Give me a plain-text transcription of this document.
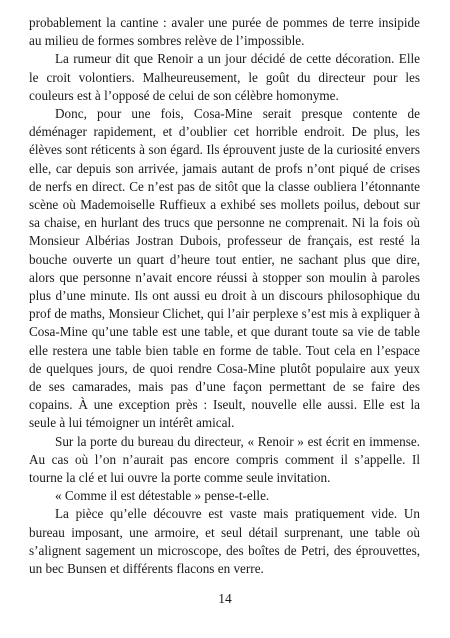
probablement la cantine : avaler une purée de pommes de terre insipide au milieu de formes sombres relève de l’impossible.

La rumeur dit que Renoir a un jour décidé de cette décoration. Elle le croit volontiers. Malheureusement, le goût du directeur pour les couleurs est à l’opposé de celui de son célèbre homonyme.

Donc, pour une fois, Cosa-Mine serait presque contente de déménager rapidement, et d’oublier cet horrible endroit. De plus, les élèves sont réticents à son égard. Ils éprouvent juste de la curiosité envers elle, car depuis son arrivée, jamais autant de profs n’ont piqué de crises de nerfs en direct. Ce n’est pas de sitôt que la classe oubliera l’étonnante scène où Mademoiselle Ruffieux a exhibé ses mollets poilus, debout sur sa chaise, en hurlant des trucs que personne ne comprenait. Ni la fois où Monsieur Albérias Jostran Dubois, professeur de français, est resté la bouche ouverte un quart d’heure tout entier, ne sachant plus que dire, alors que personne n’avait encore réussi à stopper son moulin à paroles plus d’une minute. Ils ont aussi eu droit à un discours philosophique du prof de maths, Monsieur Clichet, qui l’air perplexe s’est mis à expliquer à Cosa-Mine qu’une table est une table, et que durant toute sa vie de table elle restera une table bien table en forme de table. Tout cela en l’espace de quelques jours, de quoi rendre Cosa-Mine plutôt populaire aux yeux de ses camarades, mais pas d’une façon permettant de se faire des copains. À une exception près : Iseult, nouvelle elle aussi. Elle est la seule à lui témoigner un intérêt amical.

Sur la porte du bureau du directeur, « Renoir » est écrit en immense. Au cas où l’on n’aurait pas encore compris comment il s’appelle. Il tourne la clé et lui ouvre la porte comme seule invitation.

« Comme il est détestable » pense-t-elle.

La pièce qu’elle découvre est vaste mais pratiquement vide. Un bureau imposant, une armoire, et seul détail surprenant, une table où s’alignent sagement un microscope, des boîtes de Petri, des éprouvettes, un bec Bunsen et différents flacons en verre.

14
